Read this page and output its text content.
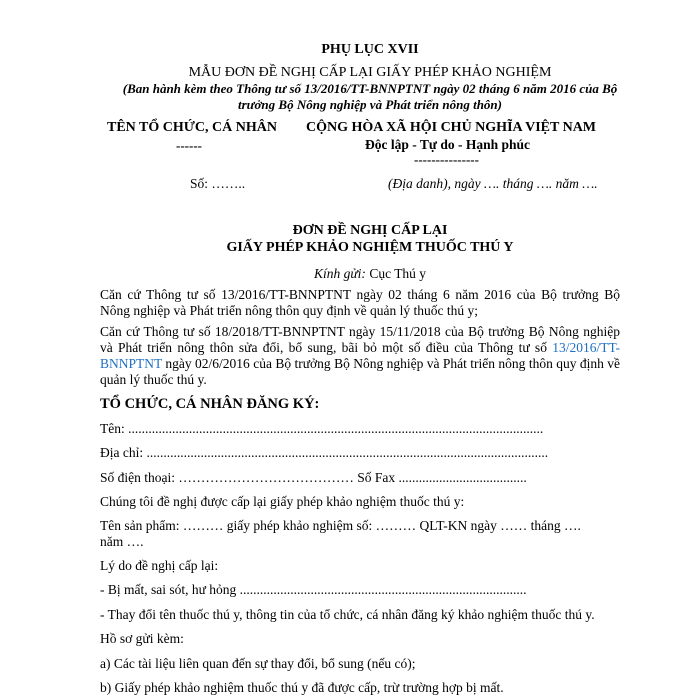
PHỤ LỤC XVII
MẪU ĐƠN ĐỀ NGHỊ CẤP LẠI GIẤY PHÉP KHẢO NGHIỆM
(Ban hành kèm theo Thông tư số 13/2016/TT-BNNPTNT ngày 02 tháng 6 năm 2016 của Bộ
trưởng Bộ Nông nghiệp và Phát triển nông thôn)
TÊN TỔ CHỨC, CÁ NHÂN
------
CỘNG HÒA XÃ HỘI CHỦ NGHĨA VIỆT NAM
Độc lập - Tự do - Hạnh phúc
---------------
Số: ……..	(Địa danh), ngày …. tháng …. năm ….
ĐƠN ĐỀ NGHỊ CẤP LẠI
GIẤY PHÉP KHẢO NGHIỆM THUỐC THÚ Y
Kính gửi: Cục Thú y
Căn cứ Thông tư số 13/2016/TT-BNNPTNT ngày 02 tháng 6 năm 2016 của Bộ trưởng Bộ Nông nghiệp và Phát triển nông thôn quy định về quản lý thuốc thú y;
Căn cứ Thông tư số 18/2018/TT-BNNPTNT ngày 15/11/2018 của Bộ trưởng Bộ Nông nghiệp và Phát triển nông thôn sửa đổi, bổ sung, bãi bỏ một số điều của Thông tư số 13/2016/TT-BNNPTNT ngày 02/6/2016 của Bộ trưởng Bộ Nông nghiệp và Phát triển nông thôn quy định về quản lý thuốc thú y.
TỔ CHỨC, CÁ NHÂN ĐĂNG KÝ:
Tên: ...........................................................................................................................
Địa chỉ: .......................................................................................................................
Số điện thoại: ………………………………… Số Fax ......................................
Chúng tôi đề nghị được cấp lại giấy phép khảo nghiệm thuốc thú y:
Tên sản phẩm: ……… giấy phép khảo nghiệm số: ……… QLT-KN ngày …… tháng ….
năm ….
Lý do đề nghị cấp lại:
- Bị mất, sai sót, hư hỏng .....................................................................................
- Thay đổi tên thuốc thú y, thông tin của tổ chức, cá nhân đăng ký khảo nghiệm thuốc thú y.
Hồ sơ gửi kèm:
a) Các tài liệu liên quan đến sự thay đổi, bổ sung (nếu có);
b) Giấy phép khảo nghiệm thuốc thú y đã được cấp, trừ trường hợp bị mất.
